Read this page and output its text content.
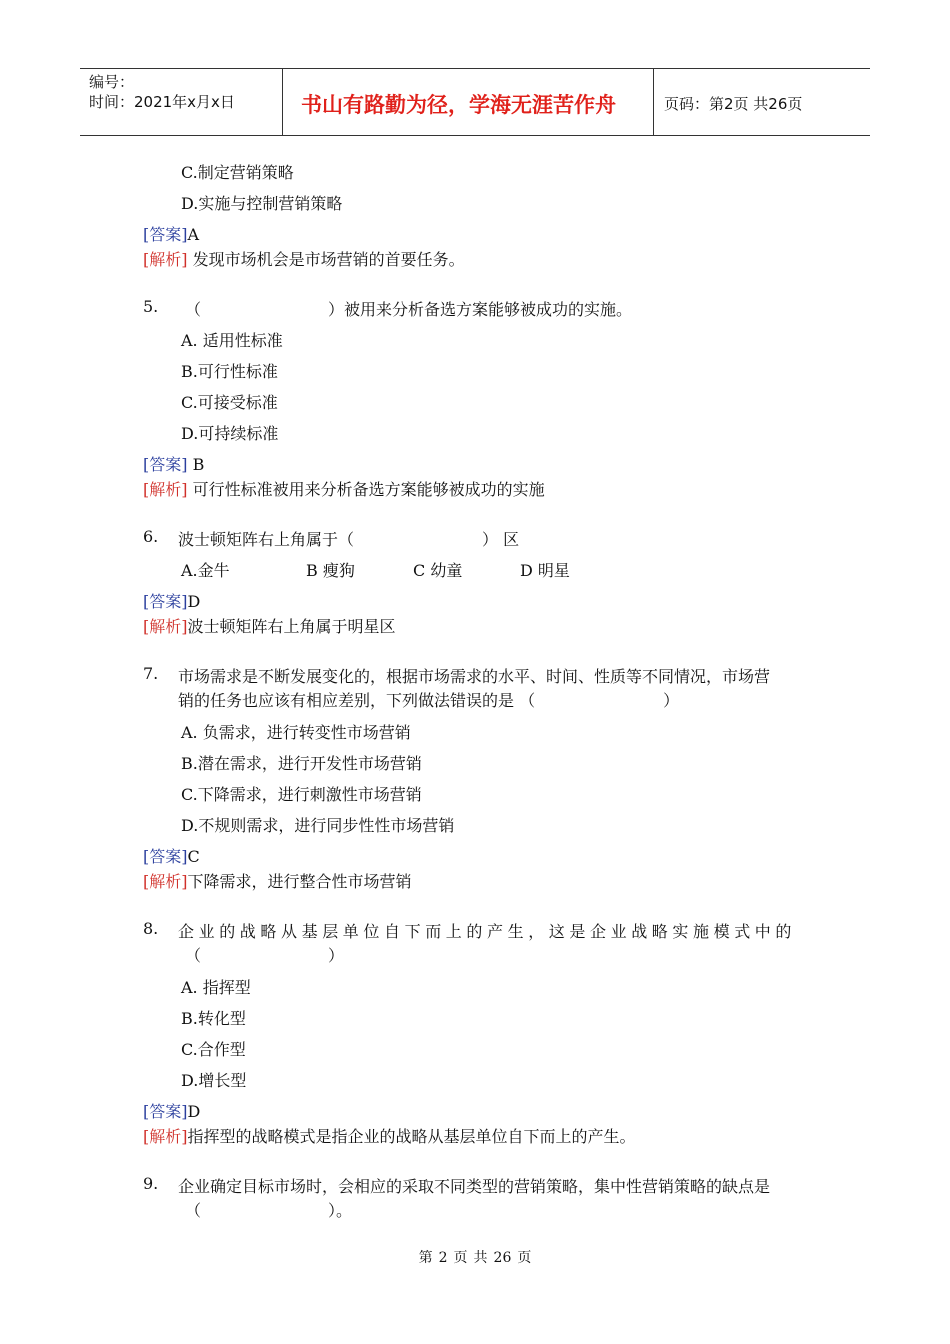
编号：
时间：2021年x月x日	书山有路勤为径，学海无涯苦作舟	页码：第2页 共26页
C.制定营销策略
D.实施与控制营销策略
[答案]A
[解析] 发现市场机会是市场营销的首要任务。
5. （	）被用来分析备选方案能够被成功的实施。
A. 适用性标准
B.可行性标准
C.可接受标准
D.可持续标准
[答案] B
[解析] 可行性标准被用来分析备选方案能够被成功的实施
6. 波士顿矩阵右上角属于（	） 区
A.金牛	B 瘦狗	C 幼童	D 明星
[答案]D
[解析]波士顿矩阵右上角属于明星区
7. 市场需求是不断发展变化的，根据市场需求的水平、时间、性质等不同情况，市场营
销的任务也应该有相应差别，下列做法错误的是 （	）
A. 负需求，进行转变性市场营销
B.潜在需求，进行开发性市场营销
C.下降需求，进行刺激性市场营销
D.不规则需求，进行同步性性市场营销
[答案]C
[解析]下降需求，进行整合性市场营销
8. 企业的战略从基层单位自下而上的产生，这是企业战略实施模式中的
（	）
A. 指挥型
B.转化型
C.合作型
D.增长型
[答案]D
[解析]指挥型的战略模式是指企业的战略从基层单位自下而上的产生。
9. 企业确定目标市场时，会相应的采取不同类型的营销策略，集中性营销策略的缺点是
（	）。
第 2 页 共 26 页
